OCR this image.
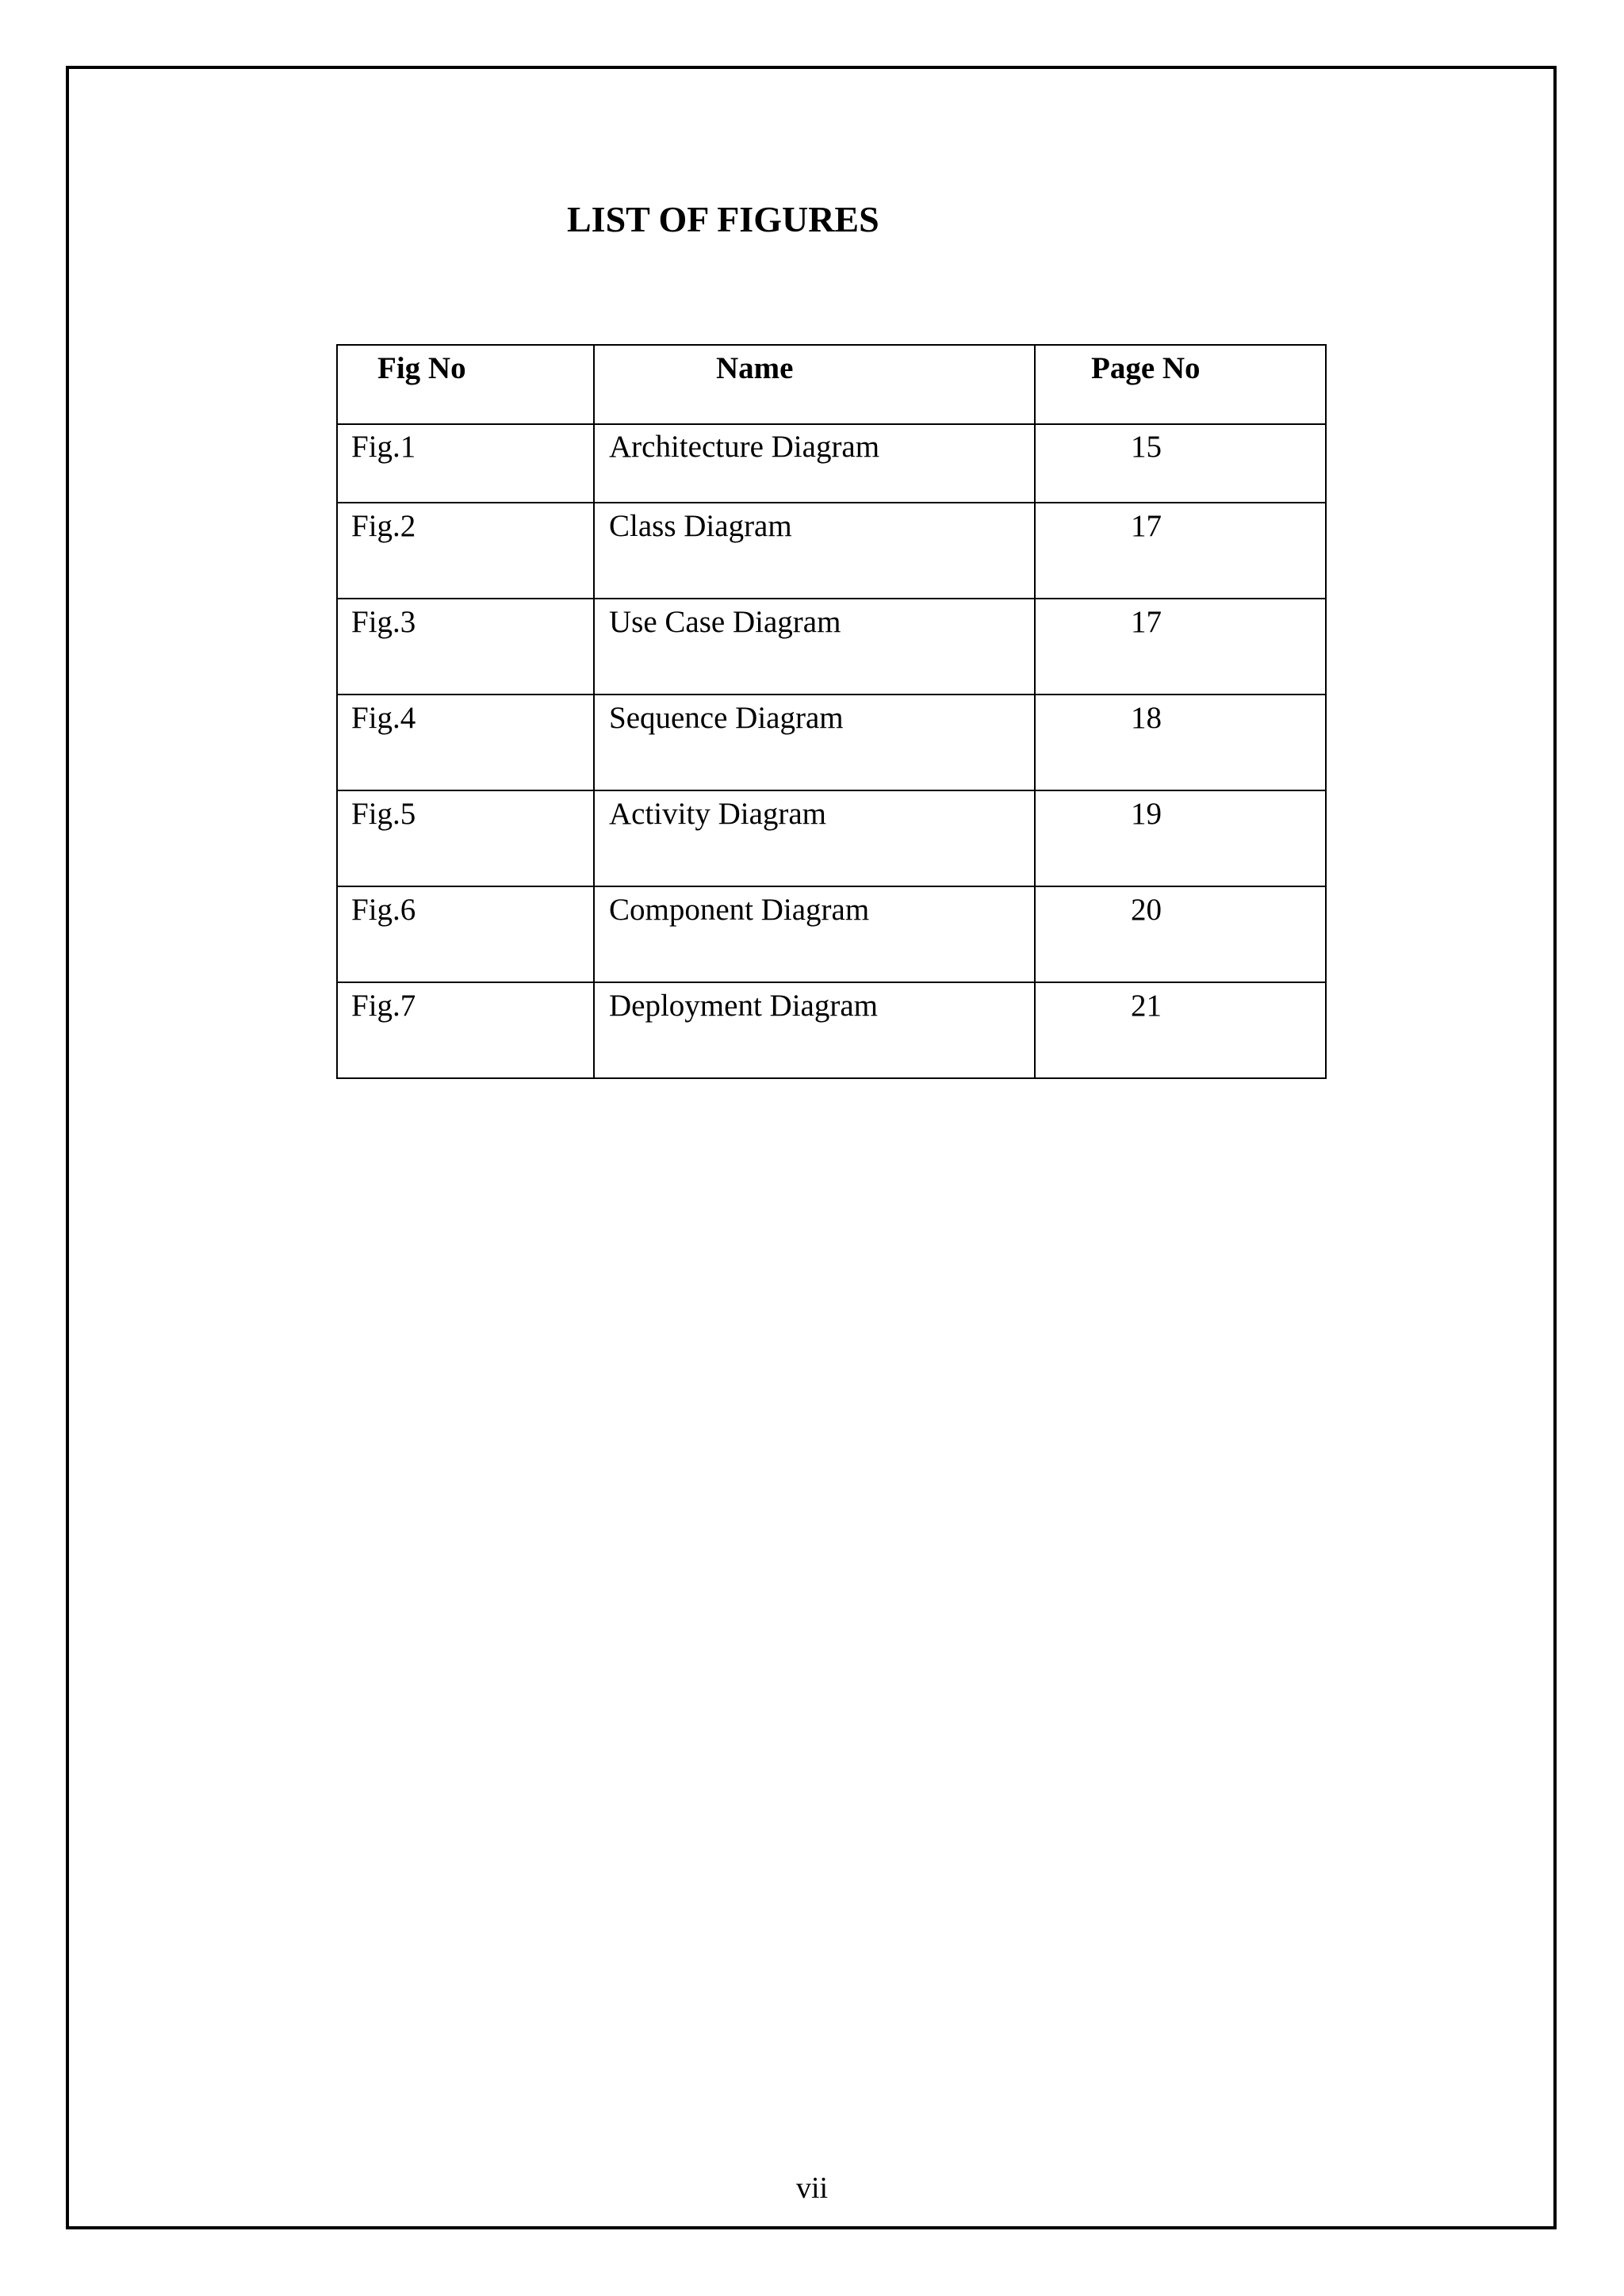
LIST OF FIGURES
Fig No	Name	Page No
Fig.1	Architecture Diagram	15
Fig.2	Class Diagram	17
Fig.3	Use Case Diagram	17
Fig.4	Sequence Diagram	18
Fig.5	Activity Diagram	19
Fig.6	Component Diagram	20
Fig.7	Deployment Diagram	21
vii
